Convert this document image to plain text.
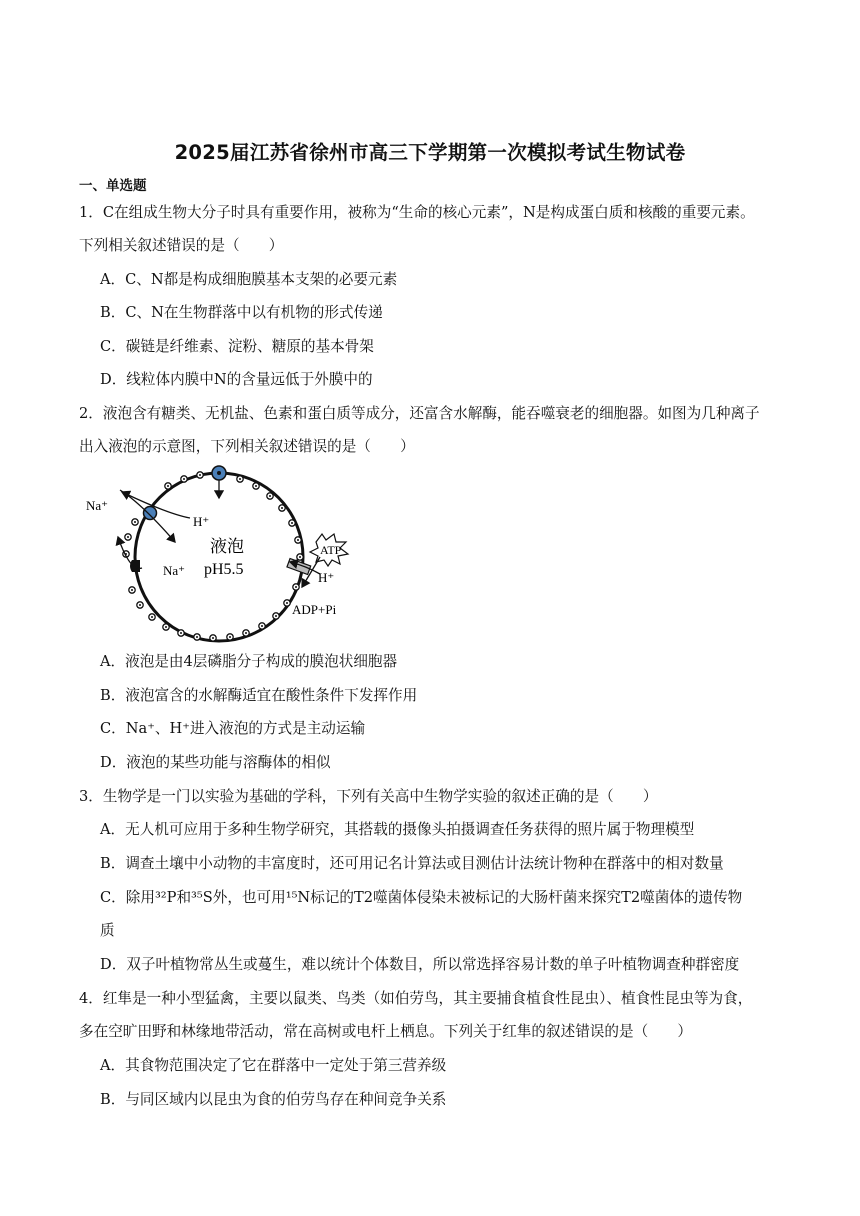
2025届江苏省徐州市高三下学期第一次模拟考试生物试卷
一、单选题
1．C在组成生物大分子时具有重要作用，被称为“生命的核心元素”，N是构成蛋白质和核酸的重要元素。
下列相关叙述错误的是（　　）
A．C、N都是构成细胞膜基本支架的必要元素
B．C、N在生物群落中以有机物的形式传递
C．碳链是纤维素、淀粉、糖原的基本骨架
D．线粒体内膜中N的含量远低于外膜中的
2．液泡含有糖类、无机盐、色素和蛋白质等成分，还富含水解酶，能吞噬衰老的细胞器。如图为几种离子
出入液泡的示意图，下列相关叙述错误的是（　　）
Na⁺
H⁺
Na⁺
液泡
pH5.5
ATP
H⁺
ADP+Pi
A．液泡是由4层磷脂分子构成的膜泡状细胞器
B．液泡富含的水解酶适宜在酸性条件下发挥作用
C．Na⁺、H⁺进入液泡的方式是主动运输
D．液泡的某些功能与溶酶体的相似
3．生物学是一门以实验为基础的学科，下列有关高中生物学实验的叙述正确的是（　　）
A．无人机可应用于多种生物学研究，其搭载的摄像头拍摄调查任务获得的照片属于物理模型
B．调查土壤中小动物的丰富度时，还可用记名计算法或目测估计法统计物种在群落中的相对数量
C．除用³²P和³⁵S外，也可用¹⁵N标记的T2噬菌体侵染未被标记的大肠杆菌来探究T2噬菌体的遗传物
质
D．双子叶植物常丛生或蔓生，难以统计个体数目，所以常选择容易计数的单子叶植物调查种群密度
4．红隼是一种小型猛禽，主要以鼠类、鸟类（如伯劳鸟，其主要捕食植食性昆虫）、植食性昆虫等为食，
多在空旷田野和林缘地带活动，常在高树或电杆上栖息。下列关于红隼的叙述错误的是（　　）
A．其食物范围决定了它在群落中一定处于第三营养级
B．与同区域内以昆虫为食的伯劳鸟存在种间竞争关系
